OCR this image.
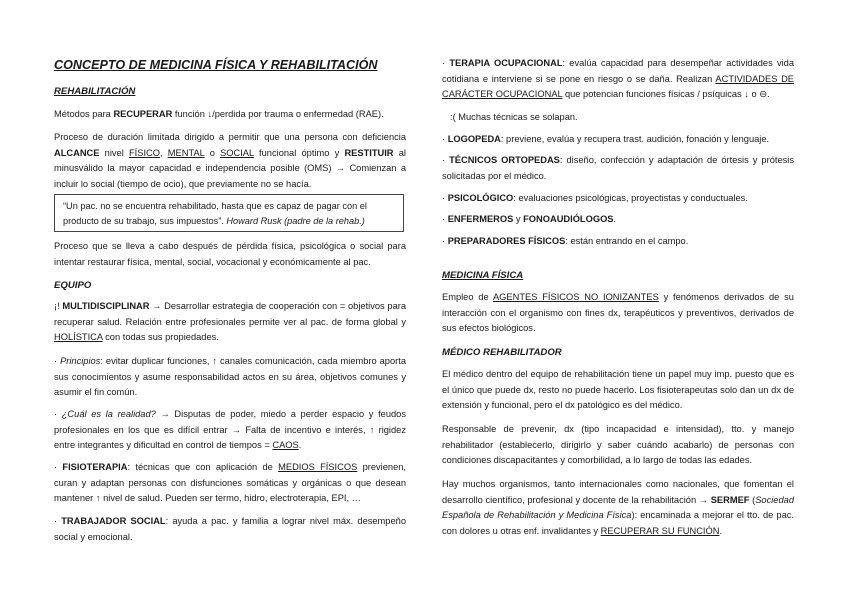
CONCEPTO DE MEDICINA FÍSICA Y REHABILITACIÓN
REHABILITACIÓN

Métodos para RECUPERAR función ↓/perdida por trauma o enfermedad (RAE).

Proceso de duración limitada dirigido a permitir que una persona con deficiencia ALCANCE nivel FÍSICO, MENTAL o SOCIAL funcional óptimo y RESTITUIR al minusválido la mayor capacidad e independencia posible (OMS) → Comienzan a incluir lo social (tiempo de ocio), que previamente no se hacía.

“Un pac. no se encuentra rehabilitado, hasta que es capaz de pagar con el producto de su trabajo, sus impuestos”. Howard Rusk (padre de la rehab.)

Proceso que se lleva a cabo después de pérdida física, psicológica o social para intentar restaurar física, mental, social, vocacional y económicamente al pac.

EQUIPO

¡! MULTIDISCIPLINAR → Desarrollar estrategia de cooperación con = objetivos para recuperar salud. Relación entre profesionales permite ver al pac. de forma global y HOLÍSTICA con todas sus propiedades.

· Principios: evitar duplicar funciones, ↑ canales comunicación, cada miembro aporta sus conocimientos y asume responsabilidad actos en su área, objetivos comunes y asumir el fin común.

· ¿Cuál es la realidad? → Disputas de poder, miedo a perder espacio y feudos profesionales en los que es difícil entrar → Falta de incentivo e interés, ↑ rigidez entre integrantes y dificultad en control de tiempos = CAOS.

· FISIOTERAPIA: técnicas que con aplicación de MEDIOS FÍSICOS previenen, curan y adaptan personas con disfunciones somáticas y orgánicas o que desean mantener ↑ nivel de salud. Pueden ser termo, hidro, electroterapia, EPI, …

· TRABAJADOR SOCIAL: ayuda a pac. y familia a lograr nivel máx. desempeño social y emocional.

· TERAPIA OCUPACIONAL: evalúa capacidad para desempeñar actividades vida cotidiana e interviene si se pone en riesgo o se daña. Realizan ACTIVIDADES DE CARÁCTER OCUPACIONAL que potencian funciones físicas / psíquicas ↓ o ⊖.

:( Muchas técnicas se solapan.

· LOGOPEDA: previene, evalúa y recupera trast. audición, fonación y lenguaje.

· TÉCNICOS ORTOPEDAS: diseño, confección y adaptación de órtesis y prótesis solicitadas por el médico.

· PSICOLÓGICO: evaluaciones psicológicas, proyectistas y conductuales.

· ENFERMEROS y FONOAUDIÓLOGOS.

· PREPARADORES FÍSICOS: están entrando en el campo.

MEDICINA FÍSICA

Empleo de AGENTES FÍSICOS NO IONIZANTES y fenómenos derivados de su interacción con el organismo con fines dx, terapéuticos y preventivos, derivados de sus efectos biológicos.

MÉDICO REHABILITADOR

El médico dentro del equipo de rehabilitación tiene un papel muy imp. puesto que es el único que puede dx, resto no puede hacerlo. Los fisioterapeutas solo dan un dx de extensión y funcional, pero el dx patológico es del médico.

Responsable de prevenir, dx (tipo incapacidad e intensidad), tto. y manejo rehabilitador (establecerlo, dirigirlo y saber cuándo acabarlo) de personas con condiciones discapacitantes y comorbilidad, a lo largo de todas las edades.

Hay muchos organismos, tanto internacionales como nacionales, que fomentan el desarrollo científico, profesional y docente de la rehabilitación → SERMEF (Sociedad Española de Rehabilitación y Medicina Física): encaminada a mejorar el tto. de pac. con dolores u otras enf. invalidantes y RECUPERAR SU FUNCIÓN.
